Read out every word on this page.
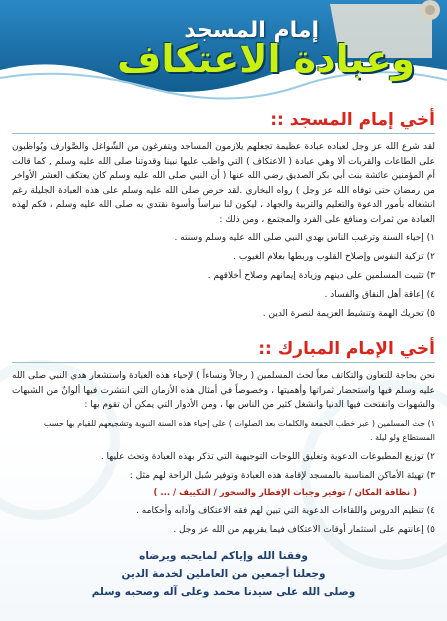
إمام المسجد
وعبادة الاعتكاف
أخي إمام المسجد ::

لقد شرع الله عز وجل لعباده عبادة عظيمة تجعلهم يلازمون المساجد ويتفرغون من الشّواغل والصَّوارف ويُواظبون على الطاعات والقربات ألا وهي عبادة ( الاعتكاف ) التي واظب عليها نبينا وقدوتنا صلى الله عليه وسلم , كما قالت أم المؤمنين عائشة بنت أبي بكر الصديق رضي الله عنها ( أن النبي صلى الله عليه وسلم كان يعتكف العشر الأواخر من رمضان حتى توفاه الله عز وجل ) رواه البخاري .لقد حرص صلى الله عليه وسلم على هذه العبادة الجليلة رغم انشغاله بأمور الدعوة والتعليم والتربية والجهاد ، ليكون لنا نبراساً وأسوة نقتدي به صلى الله عليه وسلم ، فكم لهذه العبادة من ثمرات ومنافع على الفرد والمجتمع ، ومن ذلك :

١) إحياء السنة وترغيب الناس بهدي النبي صلى الله عليه وسلم وسنته .
٢) تزكية النفوس وإصلاح القلوب وربطها بعلام الغيوب .
٣) تثبيت المسلمين على دينهم وزيادة إيمانهم وصلاح أخلاقهم .
٤) إعاقة أهل النفاق والفساد .
٥) تحريك الهمة وتنشيط العزيمة لنصرة الدين .
أخي الإمام المبارك ::

نحن بحاجة للتعاون والتكاتف معاً لحث المسلمين ( رجالاً ونساءاً ) لإحياء هذه العبادة واستشعار هدي النبي صلى الله عليه وسلم فيها واستحضار ثمراتها وأهميتها ، وخصوصاً في أمثال هذه الأزمان التي انتشرت فيها ألوانٌ من الشبهات والشهوات وانفتحت فيها الدنيا وانشغل كثير من الناس بها ، ومن الأدوار التي يمكن أن تقوم بها :

١) حث المسلمين ( عبر خطب الجمعة والكلمات بعد الصلوات ) على إحياء هذه السنة النبوية وتشجيعهم للقيام بها حسب المستطاع ولو ليلة .
٢) توزيع المطبوعات الدعوية وتعليق اللوحات التوجيهية التي تذكر بهذه العبادة وتحث عليها .
٣) تهيئة الأماكن المناسبة بالمسجد لإقامة هذه العبادة وتوفير سُبل الراحة لهم مثل :
( نظافة المكان / توفير وجبات الإفطار والسحور / التكييف / ... )
٤) تنظيم الدروس واللقاءات الدعوية التي تبين لهم فقه الاعتكاف وآدابه وأحكامه .
٥) إعانتهم على استثمار أوقات الاعتكاف فيما يقربهم من الله عز وجل .
وفقنا الله وإياكم لمايحبه ويرضاه
وجعلنا أجمعين من العاملين لخدمة الدين
وصلى الله على سيدنا محمد وعلى آله وصحبه وسلم
